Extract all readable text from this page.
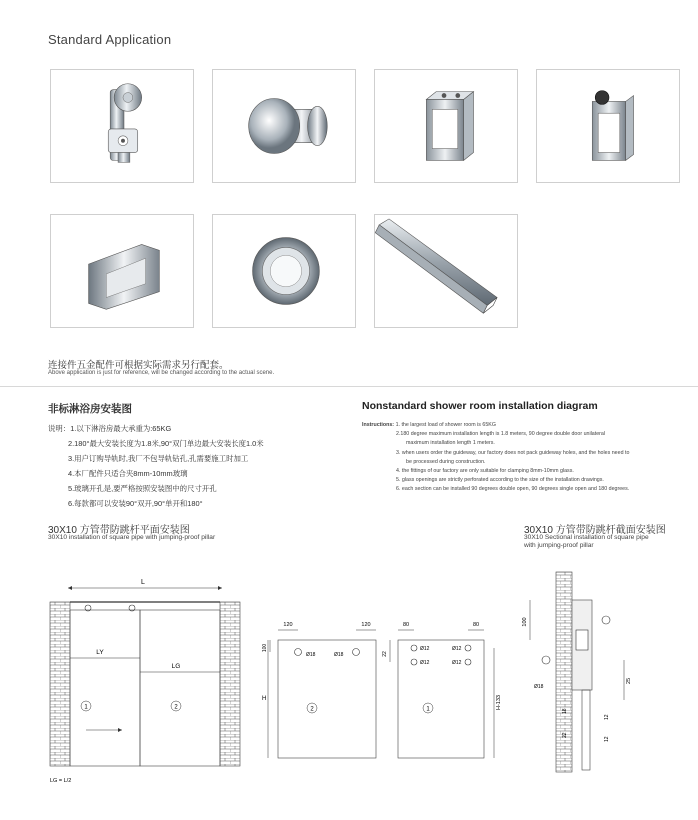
Standard Application
连接件五金配件可根据实际需求另行配套。
Above application is just for reference, will be changed according to the actual scene.
非标淋浴房安装图	Nonstandard shower room installation diagram
说明：1.以下淋浴房最大承重为:65KG
2.180°最大安装长度为1.8米,90°双门单边最大安装长度1.0米
3.用户订购导轨时,我厂不包导轨钻孔,孔需要施工时加工
4.本厂配件只适合夹8mm-10mm玻璃
5.玻璃开孔是,要严格按照安装图中的尺寸开孔
6.每款都可以安装90°双开,90°单开和180°
Instructions: 1. the largest load of shower room is 65KG
2.180 degree maximum installation length is 1.8 meters, 90 degree double door unilateral
maximum installation length 1 meters.
3. when users order the guideway, our factory does not pack guideway holes, and the holes need to
be processed during construction.
4. the fittings of our factory are only suitable for clamping 8mm-10mm glass.
5. glass openings are strictly perforated according to the size of the installation drawings.
6. each section can be installed 90 degrees double open, 90 degrees single open and 180 degrees.
30X10 方管带防跳杆平面安装图
30X10 installation of square pipe with jumping-proof pillar
30X10 方管带防跳杆截面安装图
30X10 Sectional installation of square pipe
with jumping-proof pillar
L
LY
LG
1	2
LG = L/2
120	120
Ø18	Ø18
100
H
2
80	80
Ø12
Ø12
Ø12
Ø12
22
H-133
1
100
Ø18
25
18
22
12
12
